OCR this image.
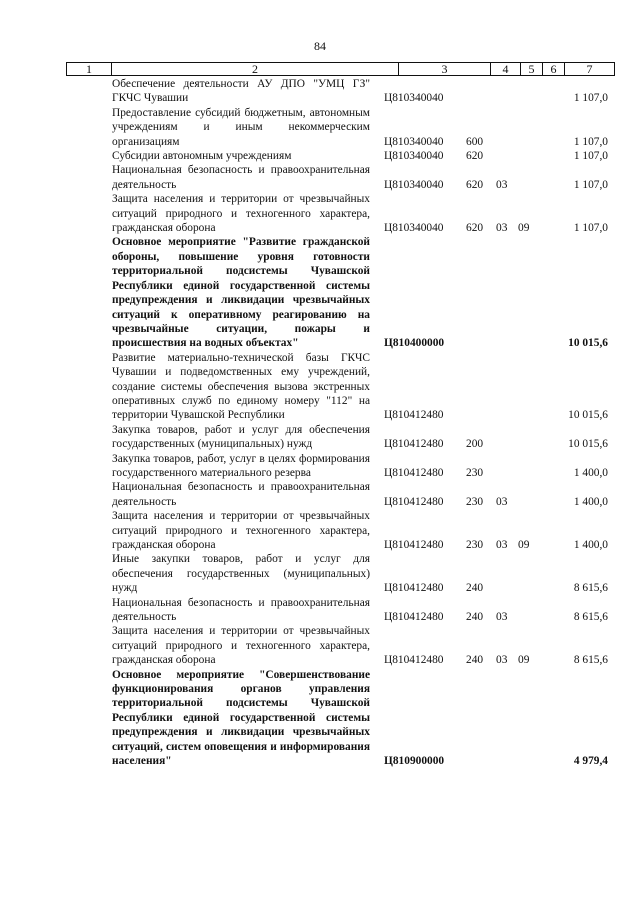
84
1	2	3	4	5	6	7
Обеспечение деятельности АУ ДПО "УМЦ ГЗ" ГКЧС Чувашии	Ц810340040	1 107,0
Предоставление субсидий бюджетным, автономным учреждениям и иным некоммерческим организациям	Ц810340040 600	1 107,0
Субсидии автономным учреждениям	Ц810340040 620	1 107,0
Национальная безопасность и правоохранительная деятельность	Ц810340040 620 03	1 107,0
Защита населения и территории от чрезвычайных ситуаций природного и техногенного характера, гражданская оборона	Ц810340040 620 03 09	1 107,0
Основное мероприятие "Развитие гражданской обороны, повышение уровня готовности территориальной подсистемы Чувашской Республики единой государственной системы предупреждения и ликвидации чрезвычайных ситуаций к оперативному реагированию на чрезвычайные ситуации, пожары и происшествия на водных объектах"	Ц810400000	10 015,6
Развитие материально-технической базы ГКЧС Чувашии и подведомственных ему учреждений, создание системы обеспечения вызова экстренных оперативных служб по единому номеру "112" на территории Чувашской Республики	Ц810412480	10 015,6
Закупка товаров, работ и услуг для обеспечения государственных (муниципальных) нужд	Ц810412480 200	10 015,6
Закупка товаров, работ, услуг в целях формирования государственного материального резерва	Ц810412480 230	1 400,0
Национальная безопасность и правоохранительная деятельность	Ц810412480 230 03	1 400,0
Защита населения и территории от чрезвычайных ситуаций природного и техногенного характера, гражданская оборона	Ц810412480 230 03 09	1 400,0
Иные закупки товаров, работ и услуг для обеспечения государственных (муниципальных) нужд	Ц810412480 240	8 615,6
Национальная безопасность и правоохранительная деятельность	Ц810412480 240 03	8 615,6
Защита населения и территории от чрезвычайных ситуаций природного и техногенного характера, гражданская оборона	Ц810412480 240 03 09	8 615,6
Основное мероприятие "Совершенствование функционирования органов управления территориальной подсистемы Чувашской Республики единой государственной системы предупреждения и ликвидации чрезвычайных ситуаций, систем оповещения и информирования населения"	Ц810900000	4 979,4
